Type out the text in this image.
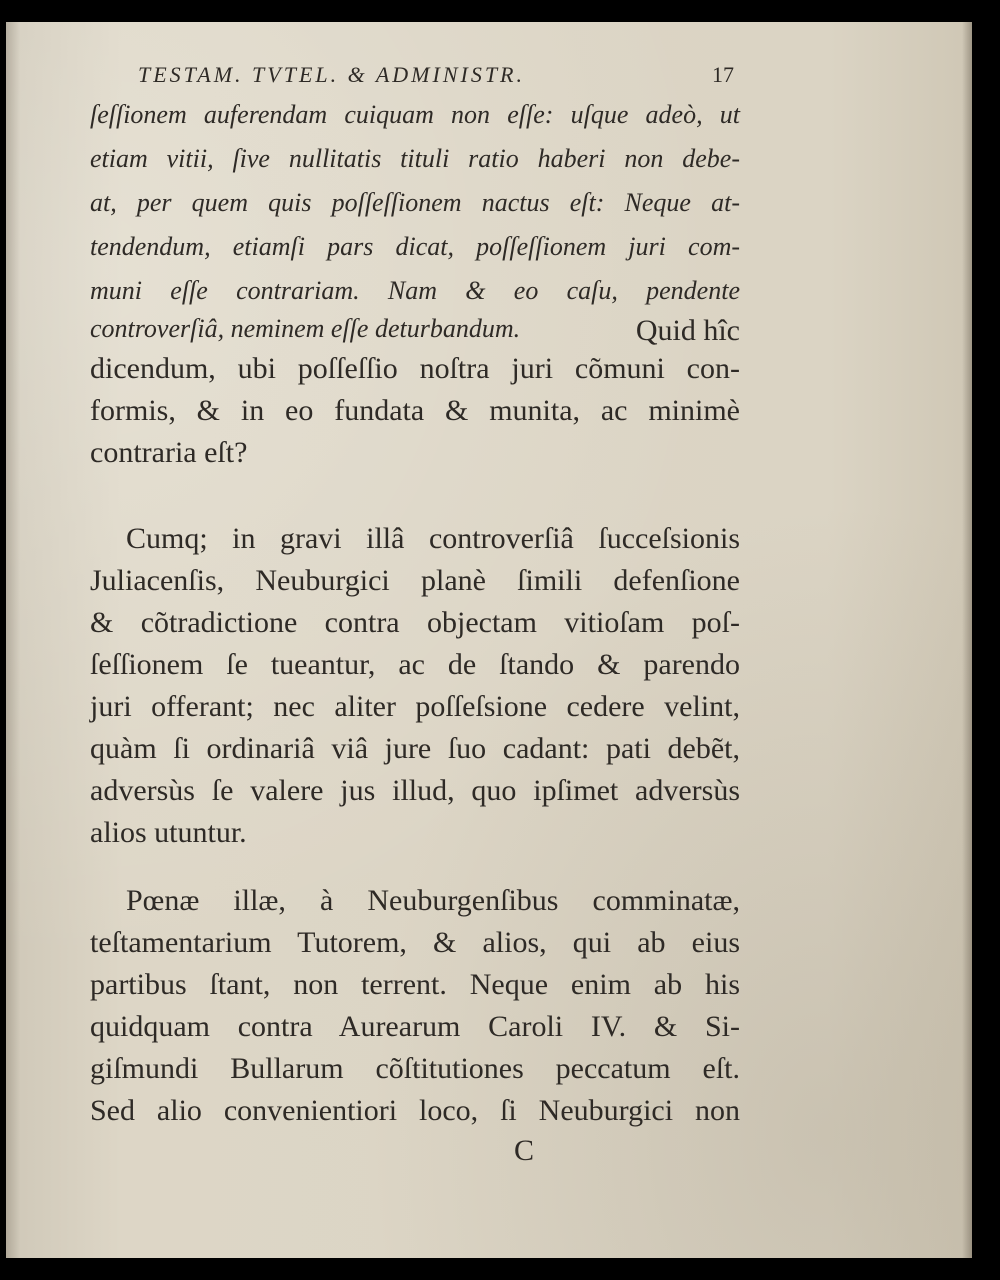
TESTAM. TVTEL. & ADMINISTR.	17
ſeſſionem auferendam cuiquam non eſſe: uſque adeò, ut
etiam vitii, ſive nullitatis tituli ratio haberi non debe-
at, per quem quis poſſeſſionem nactus eſt: Neque at-
tendendum, etiamſi pars dicat, poſſeſſionem juri com-
muni eſſe contrariam. Nam & eo caſu, pendente
controverſiâ, neminem eſſe deturbandum.	Quid hîc
dicendum, ubi poſſeſſio noſtra juri cõmuni con-
formis, & in eo fundata & munita, ac minimè
contraria eſt?
Cumq; in gravi illâ controverſiâ ſucceſsionis
Juliacenſis, Neuburgici planè ſimili defenſione
& cõtradictione contra objectam vitioſam poſ-
ſeſſionem ſe tueantur, ac de ſtando & parendo
juri offerant; nec aliter poſſeſsione cedere velint,
quàm ſi ordinariâ viâ jure ſuo cadant: pati debẽt,
adversùs ſe valere jus illud, quo ipſimet adversùs
alios utuntur.
Pœnæ illæ, à Neuburgenſibus comminatæ,
teſtamentarium Tutorem, & alios, qui ab eius
partibus ſtant, non terrent. Neque enim ab his
quidquam contra Aurearum Caroli IV. & Si-
giſmundi Bullarum cõſtitutiones peccatum eſt.
Sed alio convenientiori loco, ſi Neuburgici non
C
